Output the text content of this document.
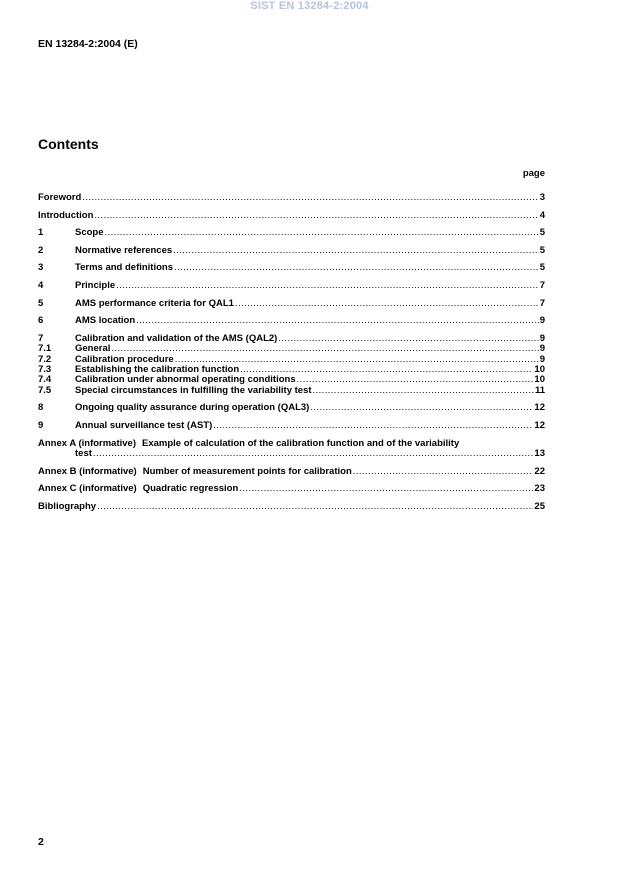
SIST EN 13284-2:2004
EN 13284-2:2004 (E)
Contents
page
Foreword .....	3
Introduction .....	4
1	Scope .....	5
2	Normative references .....	5
3	Terms and definitions .....	5
4	Principle .....	7
5	AMS performance criteria for QAL1 .....	7
6	AMS location .....	9
7	Calibration and validation of the AMS (QAL2) .....	9
7.1	General .....	9
7.2	Calibration procedure .....	9
7.3	Establishing the calibration function .....	10
7.4	Calibration under abnormal operating conditions .....	10
7.5	Special circumstances in fulfilling the variability test .....	11
8	Ongoing quality assurance during operation (QAL3) .....	12
9	Annual surveillance test (AST) .....	12
Annex A (informative) Example of calculation of the calibration function and of the variability
test .....	13
Annex B (informative) Number of measurement points for calibration .....	22
Annex C (informative) Quadratic regression .....	23
Bibliography .....	25
2
